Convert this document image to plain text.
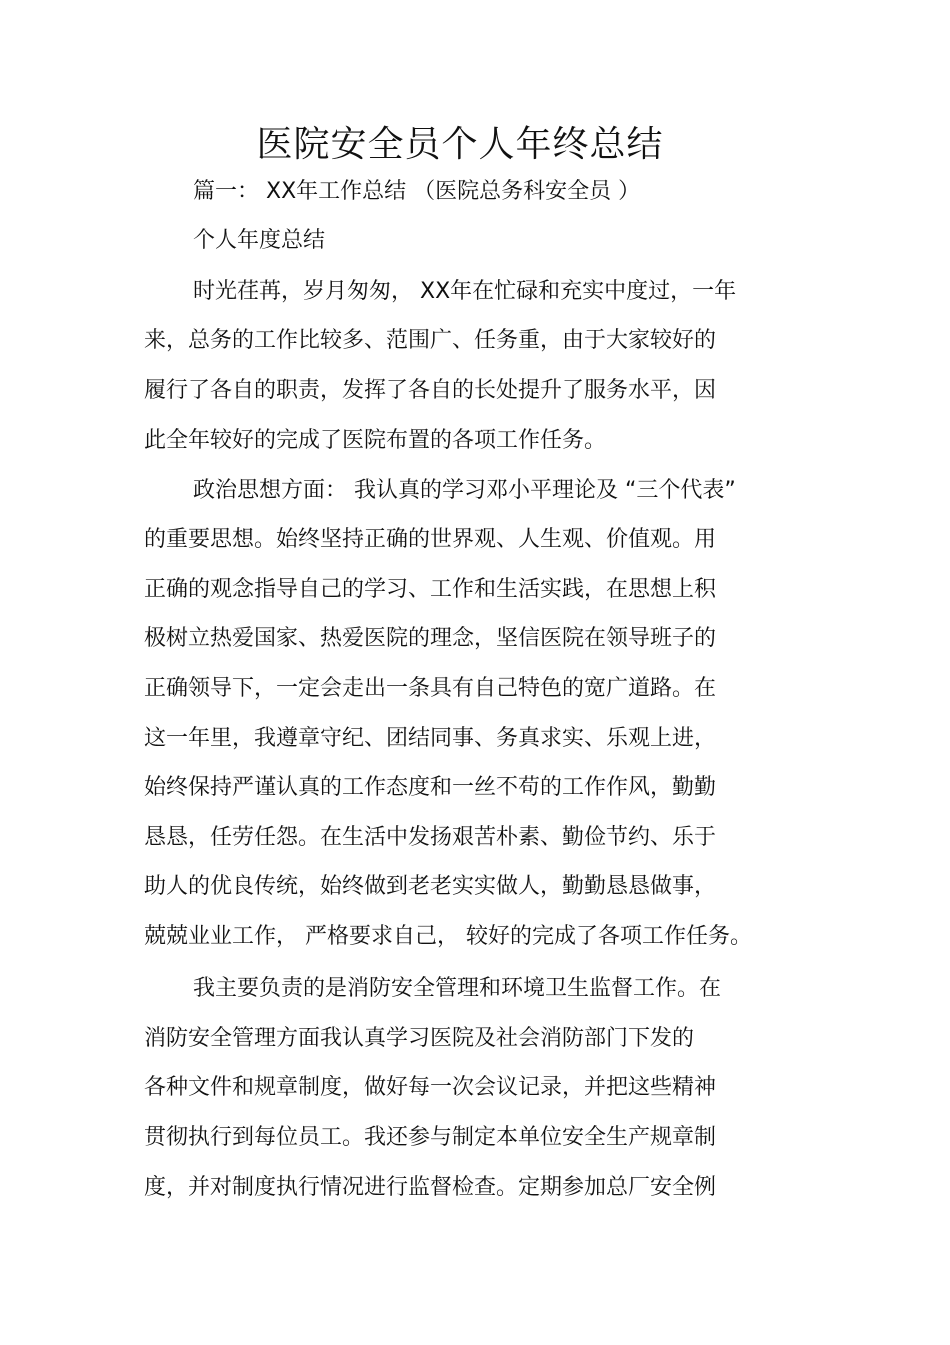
医院安全员个人年终总结
篇一： XX年工作总结 （医院总务科安全员 ）
个人年度总结
时光荏苒，岁月匆匆， XX年在忙碌和充实中度过，一年
来，总务的工作比较多、范围广、任务重，由于大家较好的
履行了各自的职责，发挥了各自的长处提升了服务水平，因
此全年较好的完成了医院布置的各项工作任务。
政治思想方面： 我认真的学习邓小平理论及 “三个代表”
的重要思想。始终坚持正确的世界观、人生观、价值观。用
正确的观念指导自己的学习、工作和生活实践，在思想上积
极树立热爱国家、热爱医院的理念，坚信医院在领导班子的
正确领导下，一定会走出一条具有自己特色的宽广道路。在
这一年里，我遵章守纪、团结同事、务真求实、乐观上进，
始终保持严谨认真的工作态度和一丝不苟的工作作风，勤勤
恳恳，任劳任怨。在生活中发扬艰苦朴素、勤俭节约、乐于
助人的优良传统，始终做到老老实实做人，勤勤恳恳做事，
兢兢业业工作， 严格要求自己， 较好的完成了各项工作任务。
我主要负责的是消防安全管理和环境卫生监督工作。在
消防安全管理方面我认真学习医院及社会消防部门下发的
各种文件和规章制度，做好每一次会议记录，并把这些精神
贯彻执行到每位员工。我还参与制定本单位安全生产规章制
度，并对制度执行情况进行监督检查。定期参加总厂安全例
